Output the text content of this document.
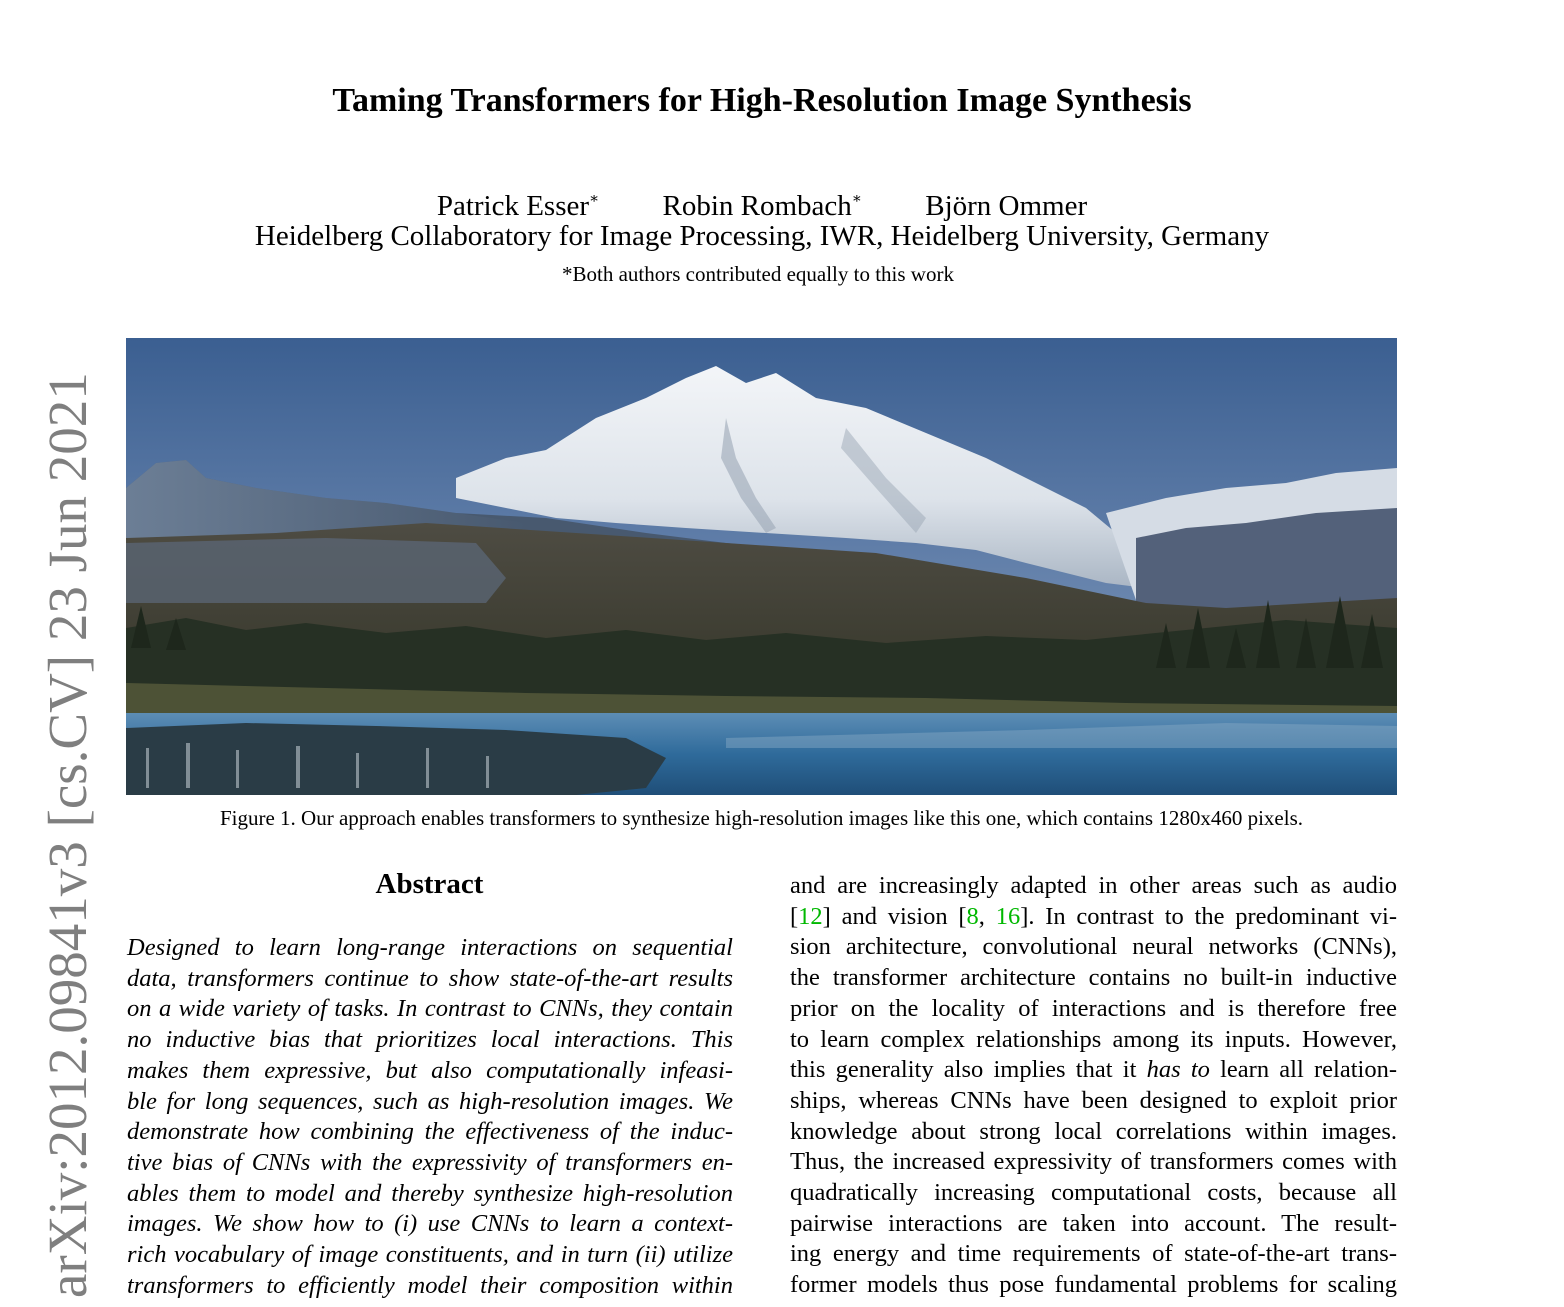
arXiv:2012.09841v3 [cs.CV] 23 Jun 2021
Taming Transformers for High-Resolution Image Synthesis
Patrick Esser∗ Robin Rombach∗ Björn Ommer
Heidelberg Collaboratory for Image Processing, IWR, Heidelberg University, Germany
*Both authors contributed equally to this work
Figure 1. Our approach enables transformers to synthesize high-resolution images like this one, which contains 1280x460 pixels.
Abstract
Designed to learn long-range interactions on sequential
data, transformers continue to show state-of-the-art results
on a wide variety of tasks. In contrast to CNNs, they contain
no inductive bias that prioritizes local interactions. This
makes them expressive, but also computationally infeasi-
ble for long sequences, such as high-resolution images. We
demonstrate how combining the effectiveness of the induc-
tive bias of CNNs with the expressivity of transformers en-
ables them to model and thereby synthesize high-resolution
images. We show how to (i) use CNNs to learn a context-
rich vocabulary of image constituents, and in turn (ii) utilize
transformers to efficiently model their composition within
and are increasingly adapted in other areas such as audio
[12] and vision [8, 16]. In contrast to the predominant vi-
sion architecture, convolutional neural networks (CNNs),
the transformer architecture contains no built-in inductive
prior on the locality of interactions and is therefore free
to learn complex relationships among its inputs. However,
this generality also implies that it has to learn all relation-
ships, whereas CNNs have been designed to exploit prior
knowledge about strong local correlations within images.
Thus, the increased expressivity of transformers comes with
quadratically increasing computational costs, because all
pairwise interactions are taken into account. The result-
ing energy and time requirements of state-of-the-art trans-
former models thus pose fundamental problems for scaling
